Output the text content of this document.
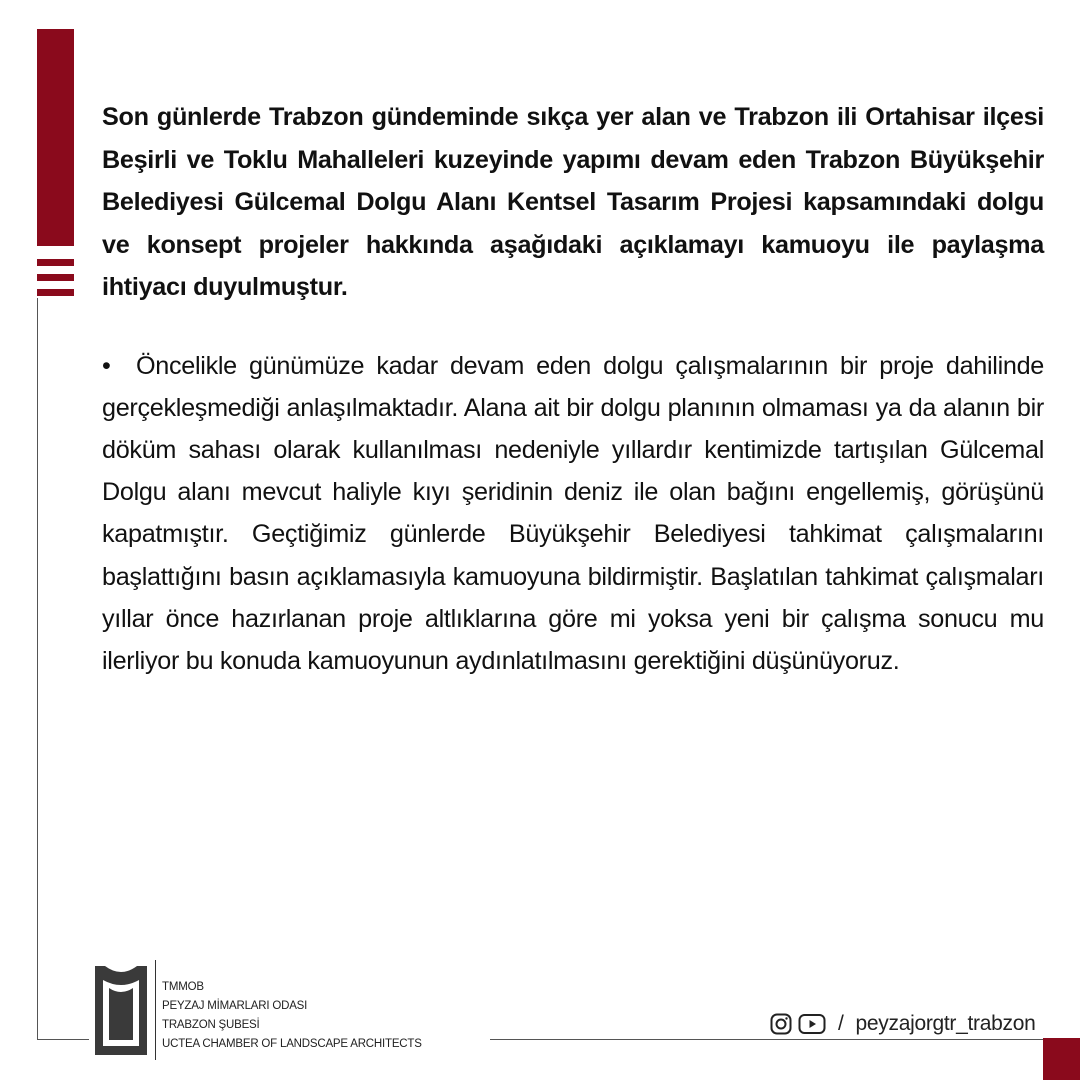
Son günlerde Trabzon gündeminde sıkça yer alan ve Trabzon ili Ortahisar ilçesi Beşirli ve Toklu Mahalleleri kuzeyinde yapımı devam eden Trabzon Büyükşehir Belediyesi Gülcemal Dolgu Alanı Kentsel Tasarım Projesi kapsamındaki dolgu ve konsept projeler hakkında aşağıdaki açıklamayı kamuoyu ile paylaşma ihtiyacı duyulmuştur.

• Öncelikle günümüze kadar devam eden dolgu çalışmalarının bir proje dahilinde gerçekleşmediği anlaşılmaktadır. Alana ait bir dolgu planının olmaması ya da alanın bir döküm sahası olarak kullanılması nedeniyle yıllardır kentimizde tartışılan Gülcemal Dolgu alanı mevcut haliyle kıyı şeridinin deniz ile olan bağını engellemiş, görüşünü kapatmıştır. Geçtiğimiz günlerde Büyükşehir Belediyesi tahkimat çalışmalarını başlattığını basın açıklamasıyla kamuoyuna bildirmiştir. Başlatılan tahkimat çalışmaları yıllar önce hazırlanan proje altlıklarına göre mi yoksa yeni bir çalışma sonucu mu ilerliyor bu konuda kamuoyunun aydınlatılmasını gerektiğini düşünüyoruz.

TMMOB
PEYZAJ MİMARLARI ODASI
TRABZON ŞUBESİ
UCTEA CHAMBER OF LANDSCAPE ARCHITECTS
/ peyzajorgtr_trabzon
